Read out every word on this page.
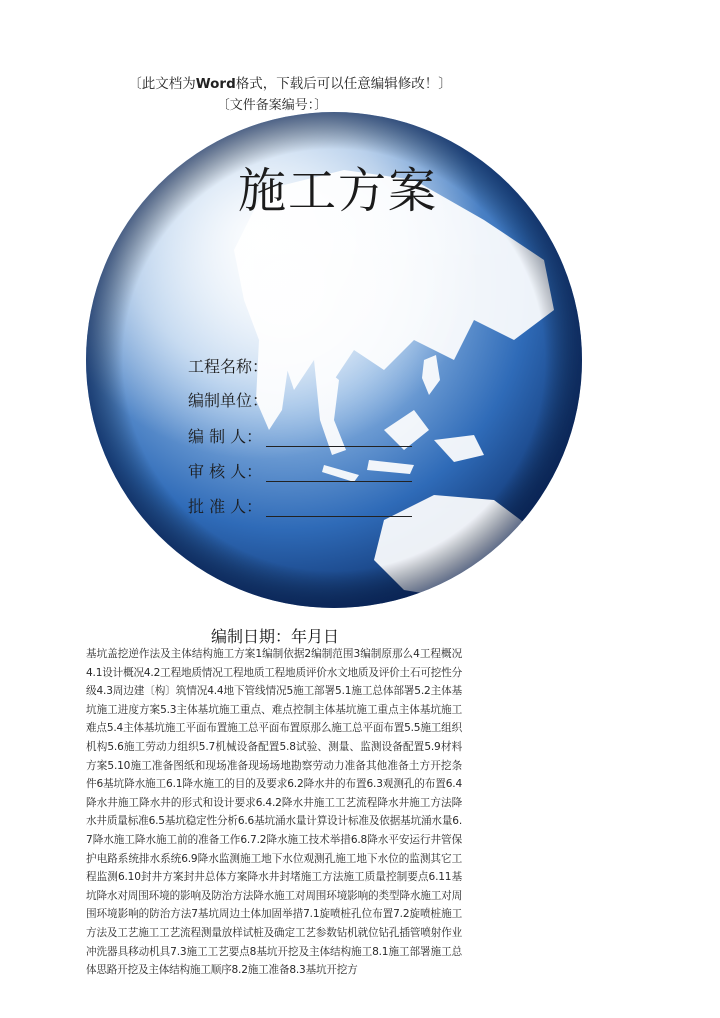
〔此文档为Word格式，下载后可以任意编辑修改！〕
〔文件备案编号：〕
施工方案
工程名称：
编制单位：
编 制 人：
审 核 人：
批 准 人：
编制日期：年月日
基坑盖挖逆作法及主体结构施工方案1编制依据2编制范围3编制原那么4工程概况4.1设计概况4.2工程地质情况工程地质工程地质评价水文地质及评价土石可挖性分级4.3周边建〔构〕筑情况4.4地下管线情况5施工部署5.1施工总体部署5.2主体基坑施工进度方案5.3主体基坑施工重点、难点控制主体基坑施工重点主体基坑施工难点5.4主体基坑施工平面布置施工总平面布置原那么施工总平面布置5.5施工组织机构5.6施工劳动力组织5.7机械设备配置5.8试验、测量、监测设备配置5.9材料方案5.10施工准备图纸和现场准备现场场地勘察劳动力准备其他准备土方开挖条件6基坑降水施工6.1降水施工的目的及要求6.2降水井的布置6.3观测孔的布置6.4降水井施工降水井的形式和设计要求6.4.2降水井施工工艺流程降水井施工方法降水井质量标准6.5基坑稳定性分析6.6基坑涌水量计算设计标准及依据基坑涌水量6.7降水施工降水施工前的准备工作6.7.2降水施工技术举措6.8降水平安运行井管保护电路系统排水系统6.9降水监测施工地下水位观测孔施工地下水位的监测其它工程监测6.10封井方案封井总体方案降水井封堵施工方法施工质量控制要点6.11基坑降水对周围环境的影响及防治方法降水施工对周围环境影响的类型降水施工对周围环境影响的防治方法7基坑周边土体加固举措7.1旋喷桩孔位布置7.2旋喷桩施工方法及工艺施工工艺流程测量放样试桩及确定工艺参数钻机就位钻孔插管喷射作业冲洗器具移动机具7.3施工工艺要点8基坑开挖及主体结构施工8.1施工部署施工总体思路开挖及主体结构施工顺序8.2施工准备8.3基坑开挖方
